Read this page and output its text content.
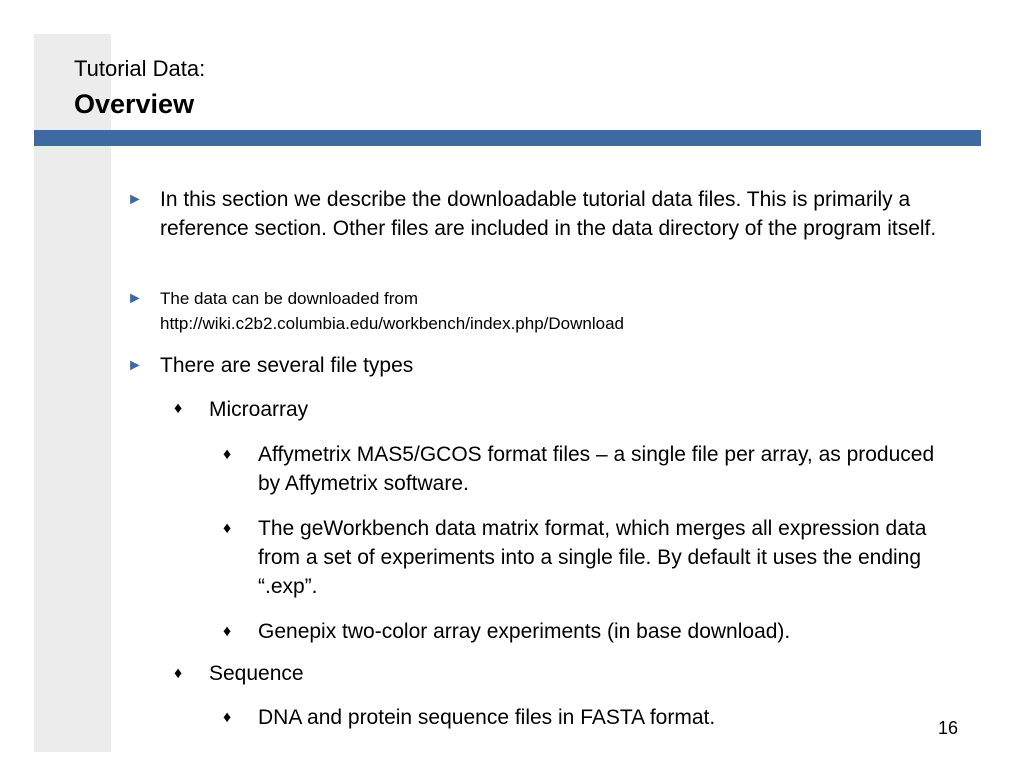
Tutorial Data:
Overview
► In this section we describe the downloadable tutorial data files. This is primarily a reference section. Other files are included in the data directory of the program itself.
► The data can be downloaded from http://wiki.c2b2.columbia.edu/workbench/index.php/Download
► There are several file types
♦ Microarray
♦ Affymetrix MAS5/GCOS format files – a single file per array, as produced by Affymetrix software.
♦ The geWorkbench data matrix format, which merges all expression data from a set of experiments into a single file. By default it uses the ending “.exp”.
♦ Genepix two-color array experiments (in base download).
♦ Sequence
♦ DNA and protein sequence files in FASTA format.	16
